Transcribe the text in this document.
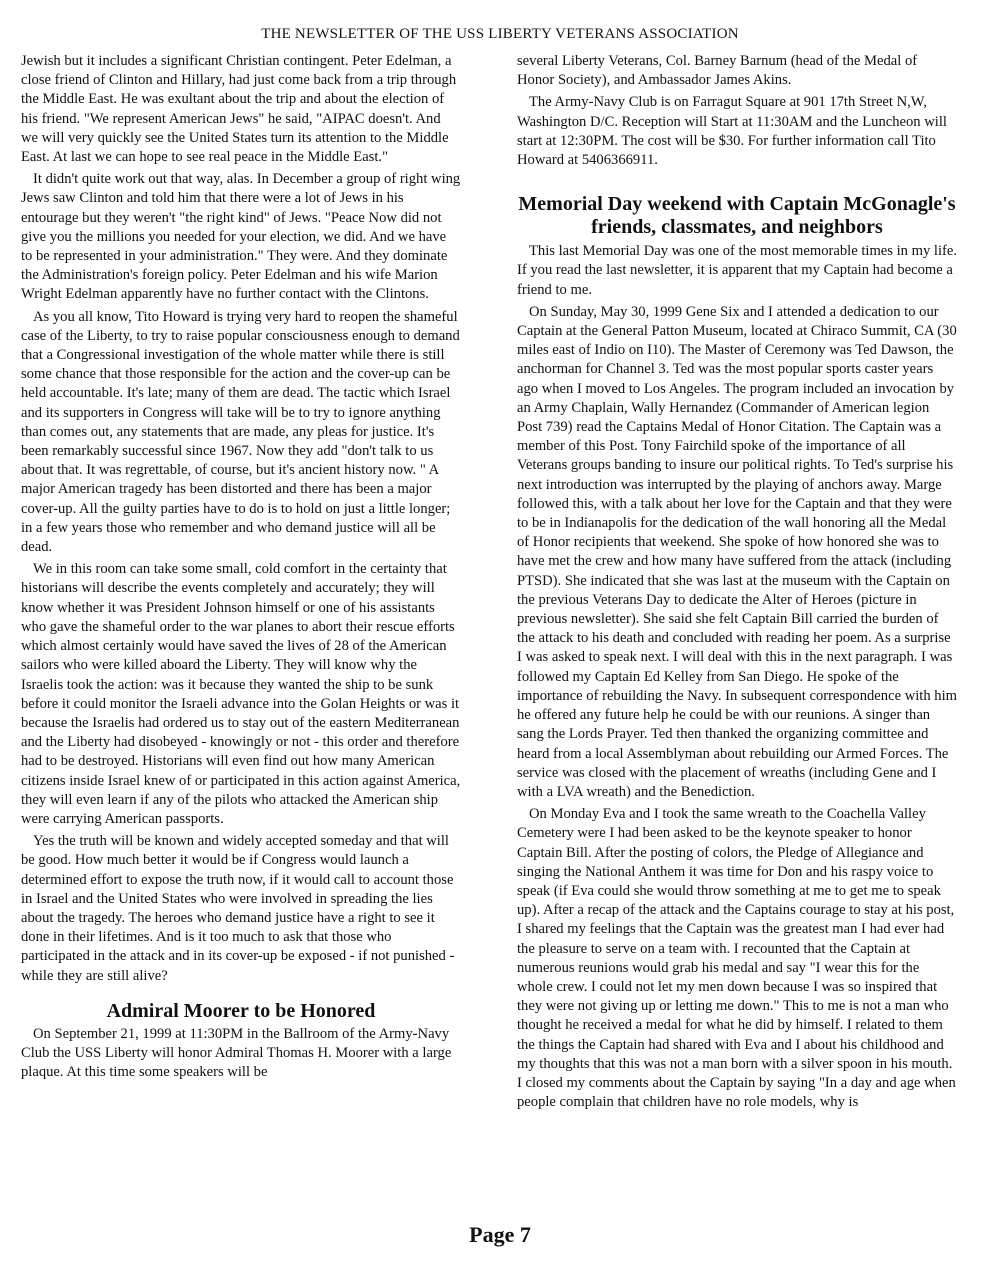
THE NEWSLETTER OF THE USS LIBERTY VETERANS ASSOCIATION

Jewish but it includes a significant Christian contingent. Peter Edelman, a close friend of Clinton and Hillary, had just come back from a trip through the Middle East. He was exultant about the trip and about the election of his friend. "We represent American Jews" he said, "AIPAC doesn't. And we will very quickly see the United States turn its attention to the Middle East. At last we can hope to see real peace in the Middle East."

It didn't quite work out that way, alas. In December a group of right wing Jews saw Clinton and told him that there were a lot of Jews in his entourage but they weren't "the right kind" of Jews. "Peace Now did not give you the millions you needed for your election, we did. And we have to be represented in your administration." They were. And they dominate the Administration's foreign policy. Peter Edelman and his wife Marion Wright Edelman apparently have no further contact with the Clintons.

As you all know, Tito Howard is trying very hard to reopen the shameful case of the Liberty, to try to raise popular consciousness enough to demand that a Congressional investigation of the whole matter while there is still some chance that those responsible for the action and the cover-up can be held accountable. It's late; many of them are dead. The tactic which Israel and its supporters in Congress will take will be to try to ignore anything than comes out, any statements that are made, any pleas for justice. It's been remarkably successful since 1967. Now they add "don't talk to us about that. It was regrettable, of course, but it's ancient history now. " A major American tragedy has been distorted and there has been a major cover-up. All the guilty parties have to do is to hold on just a little longer; in a few years those who remember and who demand justice will all be dead.

We in this room can take some small, cold comfort in the certainty that historians will describe the events completely and accurately; they will know whether it was President Johnson himself or one of his assistants who gave the shameful order to the war planes to abort their rescue efforts which almost certainly would have saved the lives of 28 of the American sailors who were killed aboard the Liberty. They will know why the Israelis took the action: was it because they wanted the ship to be sunk before it could monitor the Israeli advance into the Golan Heights or was it because the Israelis had ordered us to stay out of the eastern Mediterranean and the Liberty had disobeyed - knowingly or not - this order and therefore had to be destroyed. Historians will even find out how many American citizens inside Israel knew of or participated in this action against America, they will even learn if any of the pilots who attacked the American ship were carrying American passports.

Yes the truth will be known and widely accepted someday and that will be good. How much better it would be if Congress would launch a determined effort to expose the truth now, if it would call to account those in Israel and the United States who were involved in spreading the lies about the tragedy. The heroes who demand justice have a right to see it done in their lifetimes. And is it too much to ask that those who participated in the attack and in its cover-up be exposed - if not punished - while they are still alive?

Admiral Moorer to be Honored

On September 21, 1999 at 11:30PM in the Ballroom of the Army-Navy Club the USS Liberty will honor Admiral Thomas H. Moorer with a large plaque. At this time some speakers will be

several Liberty Veterans, Col. Barney Barnum (head of the Medal of Honor Society), and Ambassador James Akins.

The Army-Navy Club is on Farragut Square at 901 17th Street N,W, Washington D/C. Reception will Start at 11:30AM and the Luncheon will start at 12:30PM. The cost will be $30. For further information call Tito Howard at 5406366911.

Memorial Day weekend with Captain McGonagle's friends, classmates, and neighbors

This last Memorial Day was one of the most memorable times in my life. If you read the last newsletter, it is apparent that my Captain had become a friend to me.

On Sunday, May 30, 1999 Gene Six and I attended a dedication to our Captain at the General Patton Museum, located at Chiraco Summit, CA (30 miles east of Indio on I10). The Master of Ceremony was Ted Dawson, the anchorman for Channel 3. Ted was the most popular sports caster years ago when I moved to Los Angeles. The program included an invocation by an Army Chaplain, Wally Hernandez (Commander of American legion Post 739) read the Captains Medal of Honor Citation. The Captain was a member of this Post. Tony Fairchild spoke of the importance of all Veterans groups banding to insure our political rights. To Ted's surprise his next introduction was interrupted by the playing of anchors away. Marge followed this, with a talk about her love for the Captain and that they were to be in Indianapolis for the dedication of the wall honoring all the Medal of Honor recipients that weekend. She spoke of how honored she was to have met the crew and how many have suffered from the attack (including PTSD). She indicated that she was last at the museum with the Captain on the previous Veterans Day to dedicate the Alter of Heroes (picture in previous newsletter). She said she felt Captain Bill carried the burden of the attack to his death and concluded with reading her poem. As a surprise I was asked to speak next. I will deal with this in the next paragraph. I was followed my Captain Ed Kelley from San Diego. He spoke of the importance of rebuilding the Navy. In subsequent correspondence with him he offered any future help he could be with our reunions. A singer than sang the Lords Prayer. Ted then thanked the organizing committee and heard from a local Assemblyman about rebuilding our Armed Forces. The service was closed with the placement of wreaths (including Gene and I with a LVA wreath) and the Benediction.

On Monday Eva and I took the same wreath to the Coachella Valley Cemetery were I had been asked to be the keynote speaker to honor Captain Bill. After the posting of colors, the Pledge of Allegiance and singing the National Anthem it was time for Don and his raspy voice to speak (if Eva could she would throw something at me to get me to speak up). After a recap of the attack and the Captains courage to stay at his post, I shared my feelings that the Captain was the greatest man I had ever had the pleasure to serve on a team with. I recounted that the Captain at numerous reunions would grab his medal and say "I wear this for the whole crew. I could not let my men down because I was so inspired that they were not giving up or letting me down." This to me is not a man who thought he received a medal for what he did by himself. I related to them the things the Captain had shared with Eva and I about his childhood and my thoughts that this was not a man born with a silver spoon in his mouth. I closed my comments about the Captain by saying "In a day and age when people complain that children have no role models, why is

Page 7
